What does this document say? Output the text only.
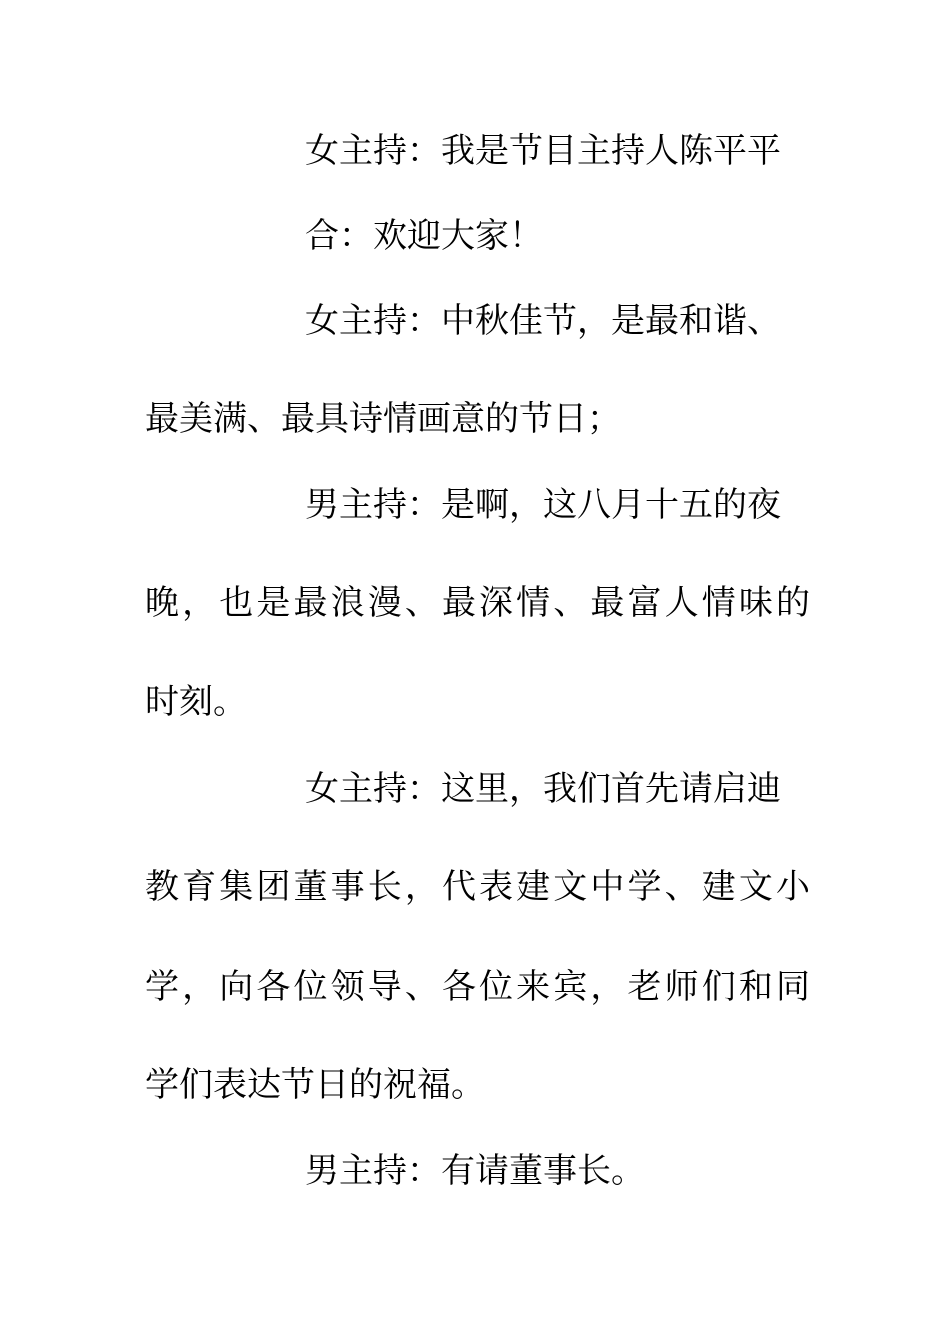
女主持：我是节目主持人陈平平
合：欢迎大家！
女主持：中秋佳节，是最和谐、
最美满、最具诗情画意的节日；
男主持：是啊，这八月十五的夜
晚，也是最浪漫、最深情、最富人情味的
时刻。
女主持：这里，我们首先请启迪
教育集团董事长，代表建文中学、建文小
学，向各位领导、各位来宾，老师们和同
学们表达节日的祝福。
男主持：有请董事长。
